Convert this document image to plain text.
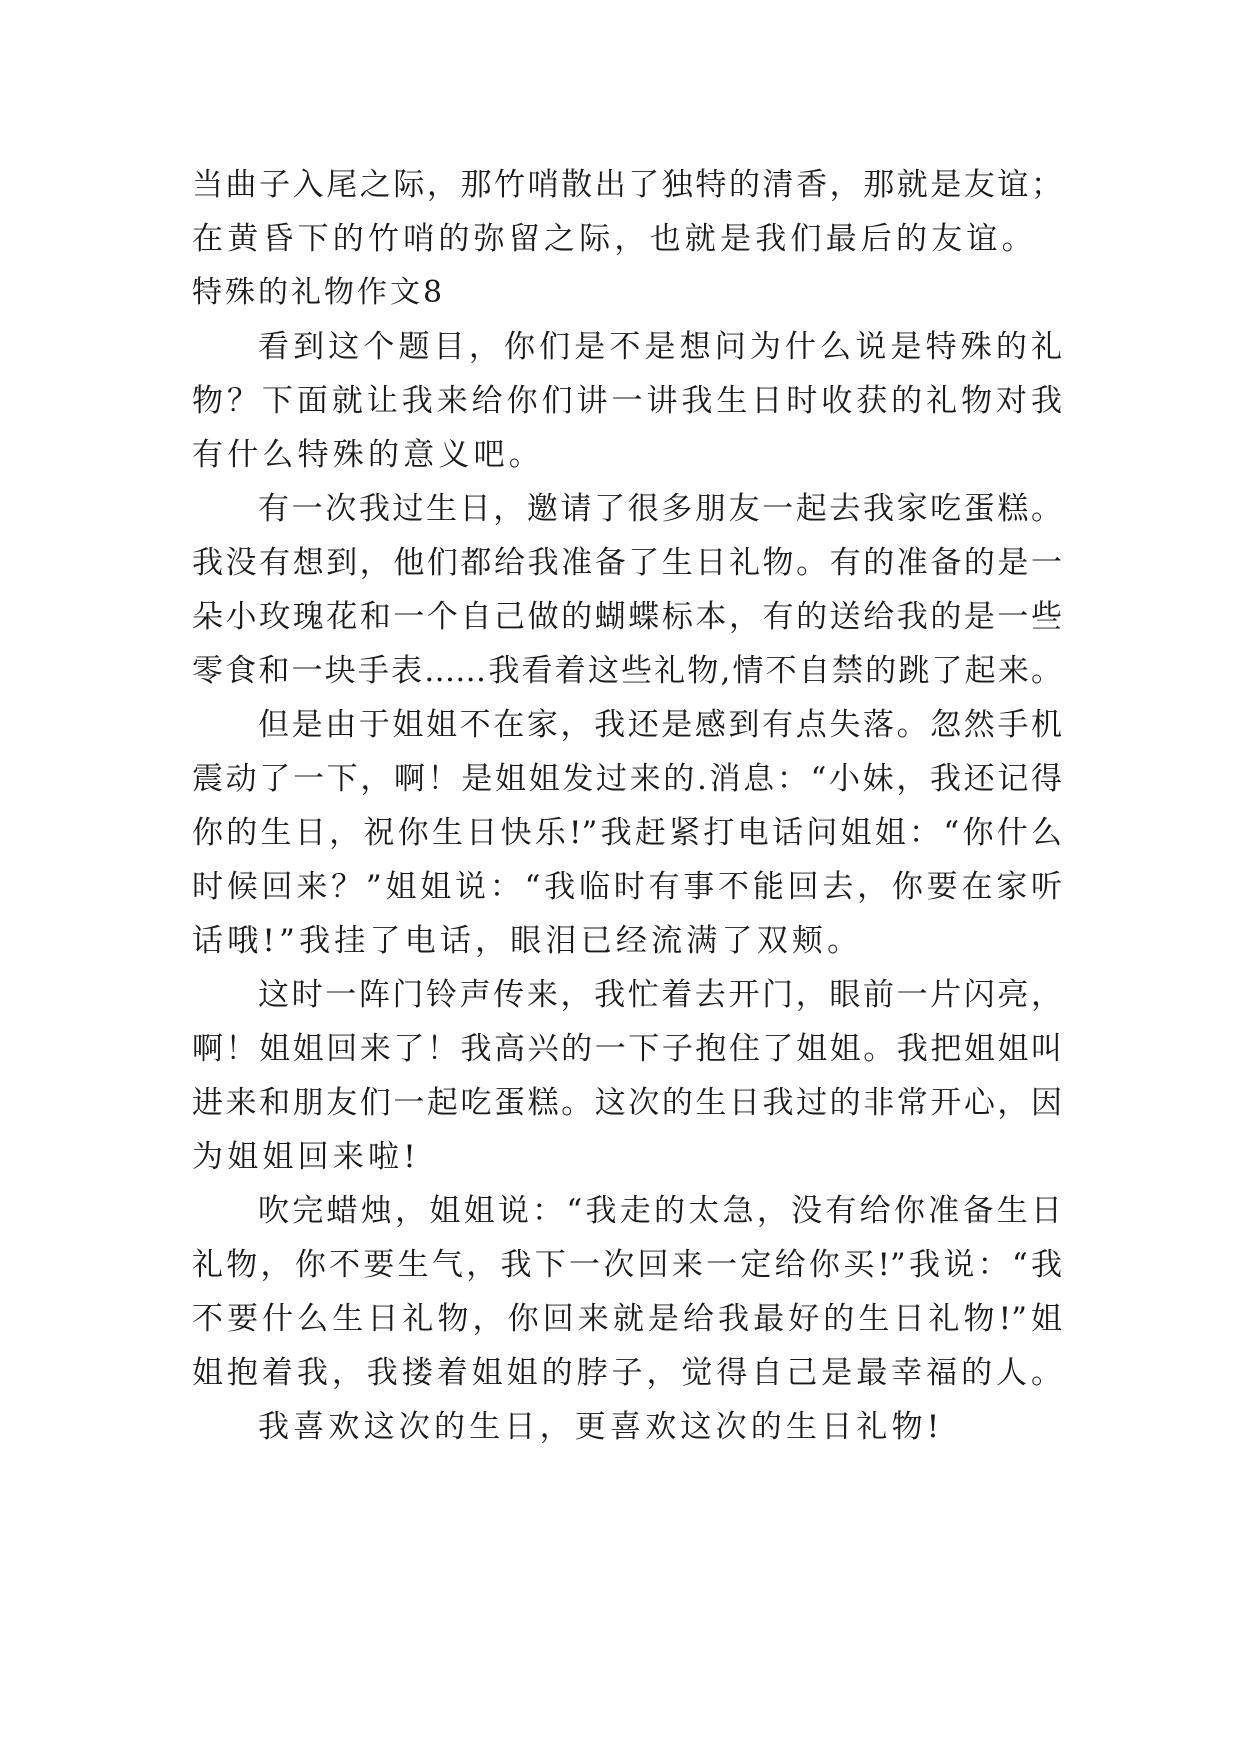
当曲子入尾之际，那竹哨散出了独特的清香，那就是友谊；
在黄昏下的竹哨的弥留之际，也就是我们最后的友谊。
特殊的礼物作文8
看到这个题目，你们是不是想问为什么说是特殊的礼
物？下面就让我来给你们讲一讲我生日时收获的礼物对我
有什么特殊的意义吧。
有一次我过生日，邀请了很多朋友一起去我家吃蛋糕。
我没有想到，他们都给我准备了生日礼物。有的准备的是一
朵小玫瑰花和一个自己做的蝴蝶标本，有的送给我的是一些
零食和一块手表……我看着这些礼物,情不自禁的跳了起来。
但是由于姐姐不在家，我还是感到有点失落。忽然手机
震动了一下，啊！是姐姐发过来的.消息：“小妹，我还记得
你的生日，祝你生日快乐!”我赶紧打电话问姐姐：“你什么
时候回来？”姐姐说：“我临时有事不能回去，你要在家听
话哦!”我挂了电话，眼泪已经流满了双颊。
这时一阵门铃声传来，我忙着去开门，眼前一片闪亮，
啊！姐姐回来了！我高兴的一下子抱住了姐姐。我把姐姐叫
进来和朋友们一起吃蛋糕。这次的生日我过的非常开心，因
为姐姐回来啦!
吹完蜡烛，姐姐说：“我走的太急，没有给你准备生日
礼物，你不要生气，我下一次回来一定给你买!”我说：“我
不要什么生日礼物，你回来就是给我最好的生日礼物!”姐
姐抱着我，我搂着姐姐的脖子，觉得自己是最幸福的人。
我喜欢这次的生日，更喜欢这次的生日礼物!
